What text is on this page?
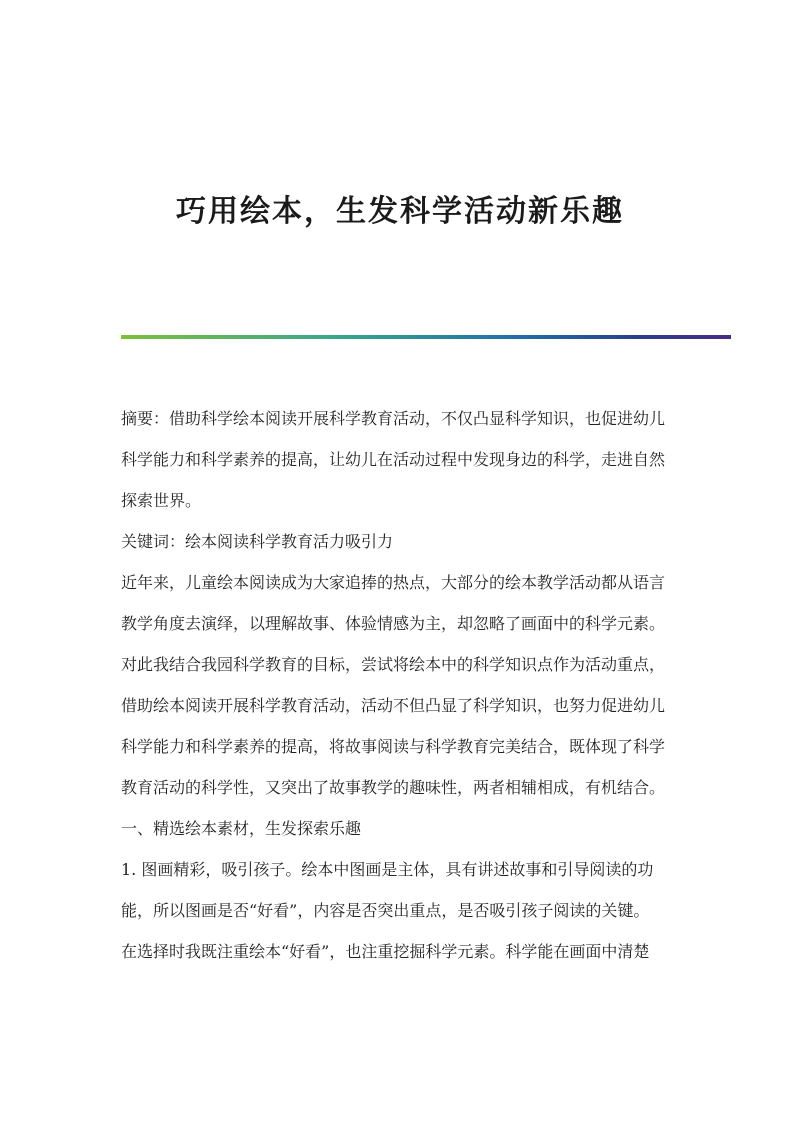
巧用绘本，生发科学活动新乐趣
摘要：借助科学绘本阅读开展科学教育活动，不仅凸显科学知识，也促进幼儿
科学能力和科学素养的提高，让幼儿在活动过程中发现身边的科学，走进自然
探索世界。
关键词：绘本阅读科学教育活力吸引力
近年来，儿童绘本阅读成为大家追捧的热点，大部分的绘本教学活动都从语言
教学角度去演绎，以理解故事、体验情感为主，却忽略了画面中的科学元素。
对此我结合我园科学教育的目标，尝试将绘本中的科学知识点作为活动重点，
借助绘本阅读开展科学教育活动，活动不但凸显了科学知识，也努力促进幼儿
科学能力和科学素养的提高，将故事阅读与科学教育完美结合，既体现了科学
教育活动的科学性，又突出了故事教学的趣味性，两者相辅相成，有机结合。
一、精选绘本素材，生发探索乐趣
1. 图画精彩，吸引孩子。绘本中图画是主体，具有讲述故事和引导阅读的功
能，所以图画是否“好看”，内容是否突出重点，是否吸引孩子阅读的关键。
在选择时我既注重绘本“好看”，也注重挖掘科学元素。科学能在画面中清楚
